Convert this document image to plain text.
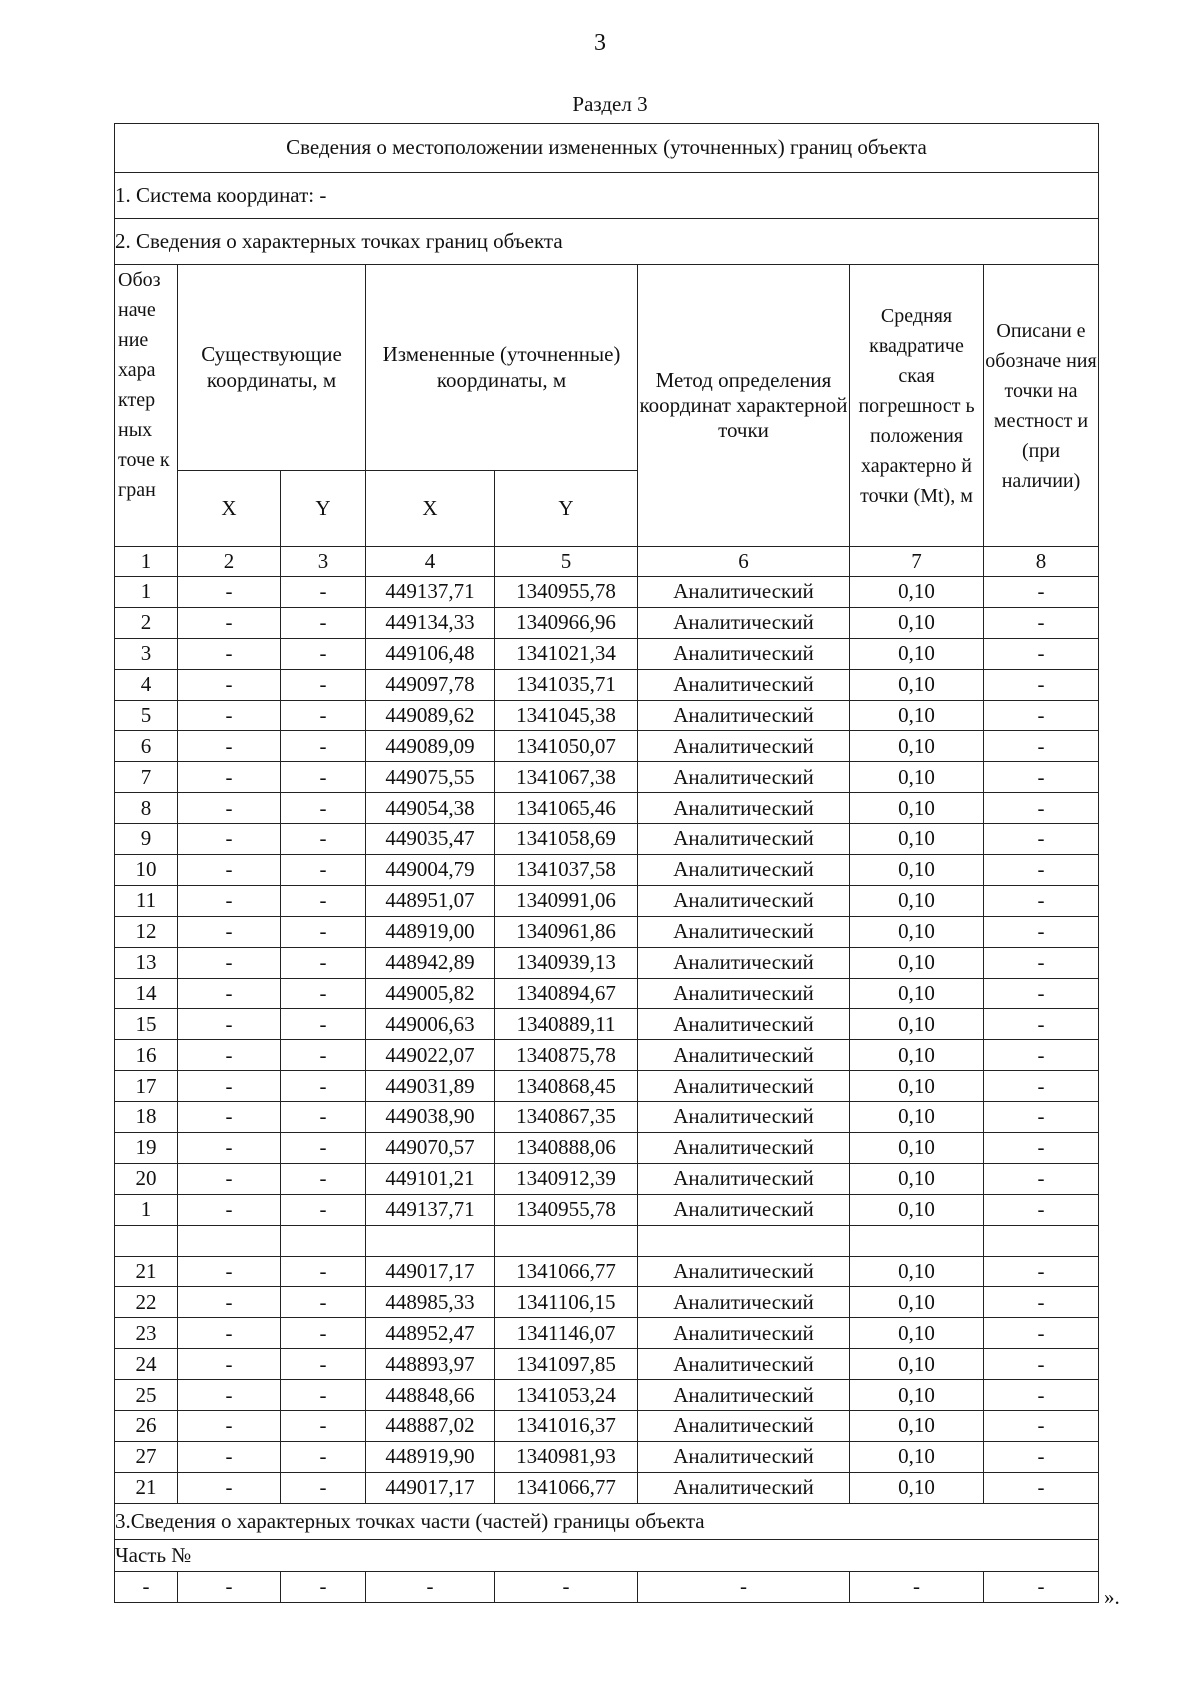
3
Раздел 3
Сведения о местоположении измененных (уточненных) границ объекта							
1. Система координат: -							
2. Сведения о характерных точках границ объекта							
Обоз наче ние хара ктер ных точе к гран	Существующие координаты, м		Измененные (уточненные) координаты, м		Метод определения координат характерной точки	Средняя квадратиче ская погрешност ь положения характерно й точки (Mt), м	Описани е обозначе ния точки на местност и (при наличии)
	X	Y	X	Y			
1	2	3	4	5	6	7	8
1	-	-	449137,71	1340955,78	Аналитический	0,10	-
2	-	-	449134,33	1340966,96	Аналитический	0,10	-
3	-	-	449106,48	1341021,34	Аналитический	0,10	-
4	-	-	449097,78	1341035,71	Аналитический	0,10	-
5	-	-	449089,62	1341045,38	Аналитический	0,10	-
6	-	-	449089,09	1341050,07	Аналитический	0,10	-
7	-	-	449075,55	1341067,38	Аналитический	0,10	-
8	-	-	449054,38	1341065,46	Аналитический	0,10	-
9	-	-	449035,47	1341058,69	Аналитический	0,10	-
10	-	-	449004,79	1341037,58	Аналитический	0,10	-
11	-	-	448951,07	1340991,06	Аналитический	0,10	-
12	-	-	448919,00	1340961,86	Аналитический	0,10	-
13	-	-	448942,89	1340939,13	Аналитический	0,10	-
14	-	-	449005,82	1340894,67	Аналитический	0,10	-
15	-	-	449006,63	1340889,11	Аналитический	0,10	-
16	-	-	449022,07	1340875,78	Аналитический	0,10	-
17	-	-	449031,89	1340868,45	Аналитический	0,10	-
18	-	-	449038,90	1340867,35	Аналитический	0,10	-
19	-	-	449070,57	1340888,06	Аналитический	0,10	-
20	-	-	449101,21	1340912,39	Аналитический	0,10	-
1	-	-	449137,71	1340955,78	Аналитический	0,10	-

21	-	-	449017,17	1341066,77	Аналитический	0,10	-
22	-	-	448985,33	1341106,15	Аналитический	0,10	-
23	-	-	448952,47	1341146,07	Аналитический	0,10	-
24	-	-	448893,97	1341097,85	Аналитический	0,10	-
25	-	-	448848,66	1341053,24	Аналитический	0,10	-
26	-	-	448887,02	1341016,37	Аналитический	0,10	-
27	-	-	448919,90	1340981,93	Аналитический	0,10	-
21	-	-	449017,17	1341066,77	Аналитический	0,10	-
3.Сведения о характерных точках части (частей) границы объекта							
Часть №							
-	-	-	-	-	-	-	-	».
